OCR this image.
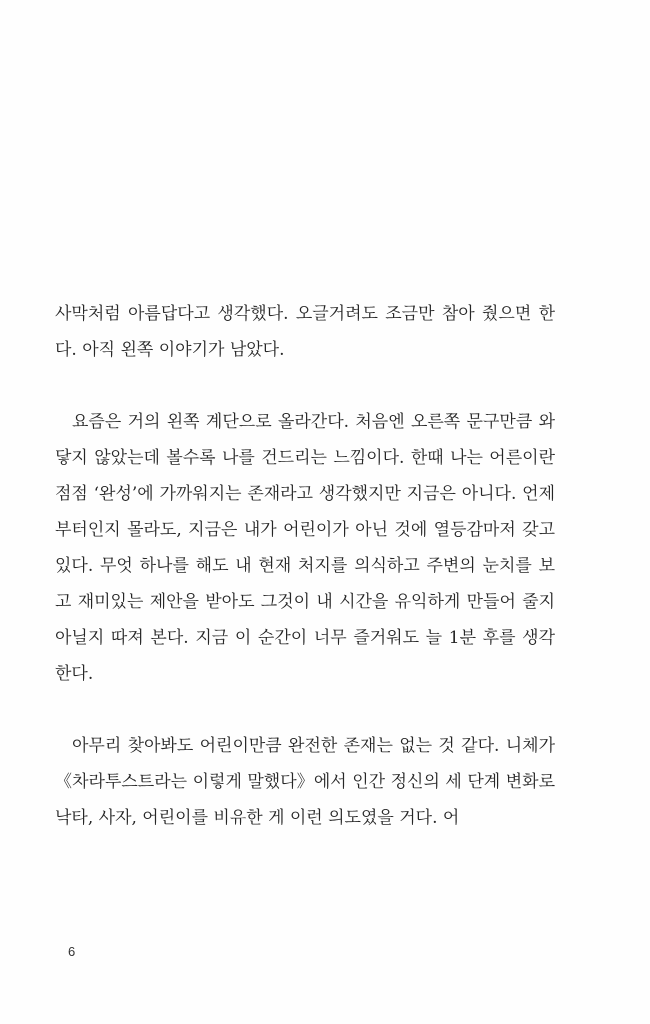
사막처럼 아름답다고 생각했다. 오글거려도 조금만 참아 줬으면 한다. 아직 왼쪽 이야기가 남았다.

요즘은 거의 왼쪽 계단으로 올라간다. 처음엔 오른쪽 문구만큼 와닿지 않았는데 볼수록 나를 건드리는 느낌이다. 한때 나는 어른이란 점점 ‘완성’에 가까워지는 존재라고 생각했지만 지금은 아니다. 언제부터인지 몰라도, 지금은 내가 어린이가 아닌 것에 열등감마저 갖고 있다. 무엇 하나를 해도 내 현재 처지를 의식하고 주변의 눈치를 보고 재미있는 제안을 받아도 그것이 내 시간을 유익하게 만들어 줄지 아닐지 따져 본다. 지금 이 순간이 너무 즐거워도 늘 1분 후를 생각한다.

아무리 찾아봐도 어린이만큼 완전한 존재는 없는 것 같다. 니체가《차라투스트라는 이렇게 말했다》에서 인간 정신의 세 단계 변화로 낙타, 사자, 어린이를 비유한 게 이런 의도였을 거다. 어

6
